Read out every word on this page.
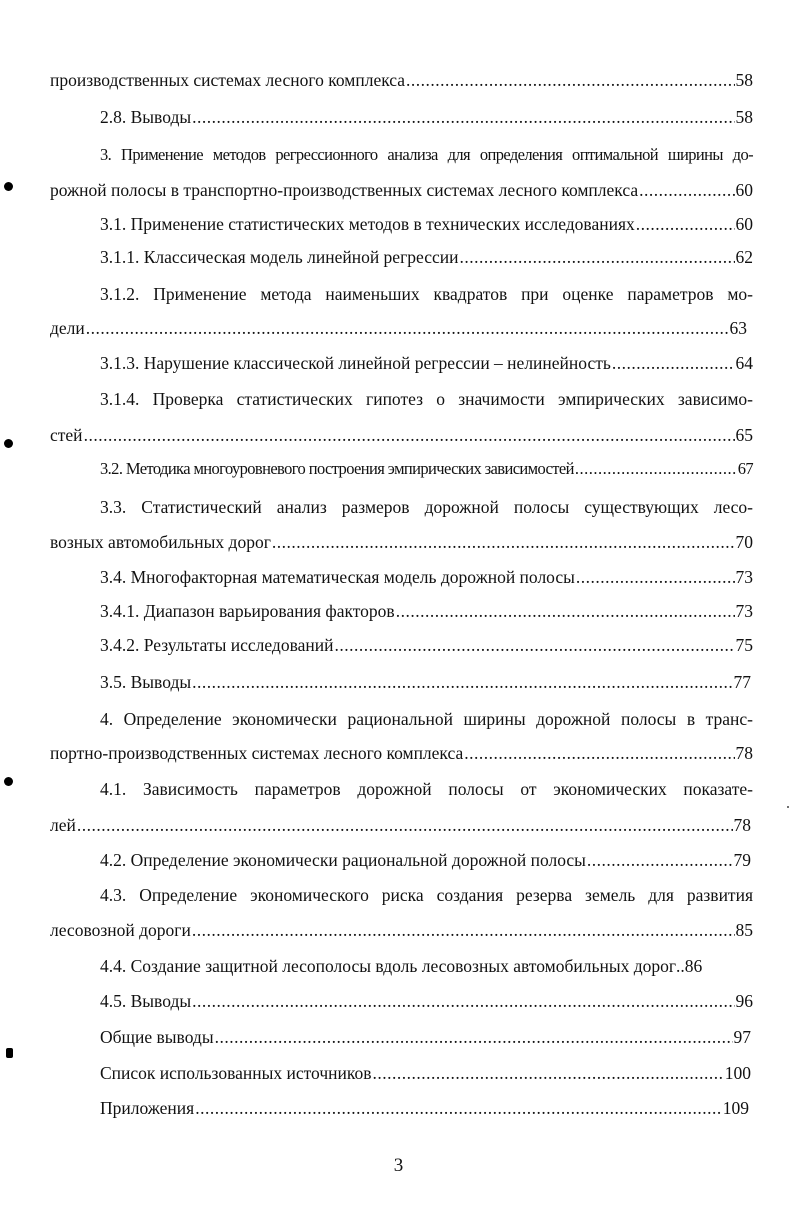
производственных системах лесного комплекса .....	58
2.8. Выводы .....	58
3. Применение методов регрессионного анализа для определения оптимальной ширины до-
рожной полосы в транспортно-производственных системах лесного комплекса .....	60
3.1. Применение статистических методов в технических исследованиях .....	60
3.1.1. Классическая модель линейной регрессии .....	62
3.1.2. Применение метода наименьших квадратов при оценке параметров мо-
дели .....	63
3.1.3. Нарушение классической линейной регрессии – нелинейность .....	64
3.1.4. Проверка статистических гипотез о значимости эмпирических зависимо-
стей .....	65
3.2. Методика многоуровневого построения эмпирических зависимостей .....	67
3.3. Статистический анализ размеров дорожной полосы существующих лесо-
возных автомобильных дорог .....	70
3.4. Многофакторная математическая модель дорожной полосы .....	73
3.4.1. Диапазон варьирования факторов .....	73
3.4.2. Результаты исследований .....	75
3.5. Выводы .....	77
4. Определение экономически рациональной ширины дорожной полосы в транс-
портно-производственных системах лесного комплекса .....	78
4.1. Зависимость параметров дорожной полосы от экономических показате-
лей .....	78
4.2. Определение экономически рациональной дорожной полосы .....	79
4.3. Определение экономического риска создания резерва земель для развития
лесовозной дороги .....	85
4.4. Создание защитной лесополосы вдоль лесовозных автомобильных дорог .. 86
4.5. Выводы .....	96
Общие выводы .....	97
Список использованных источников .....	100
Приложения .....	109
3
